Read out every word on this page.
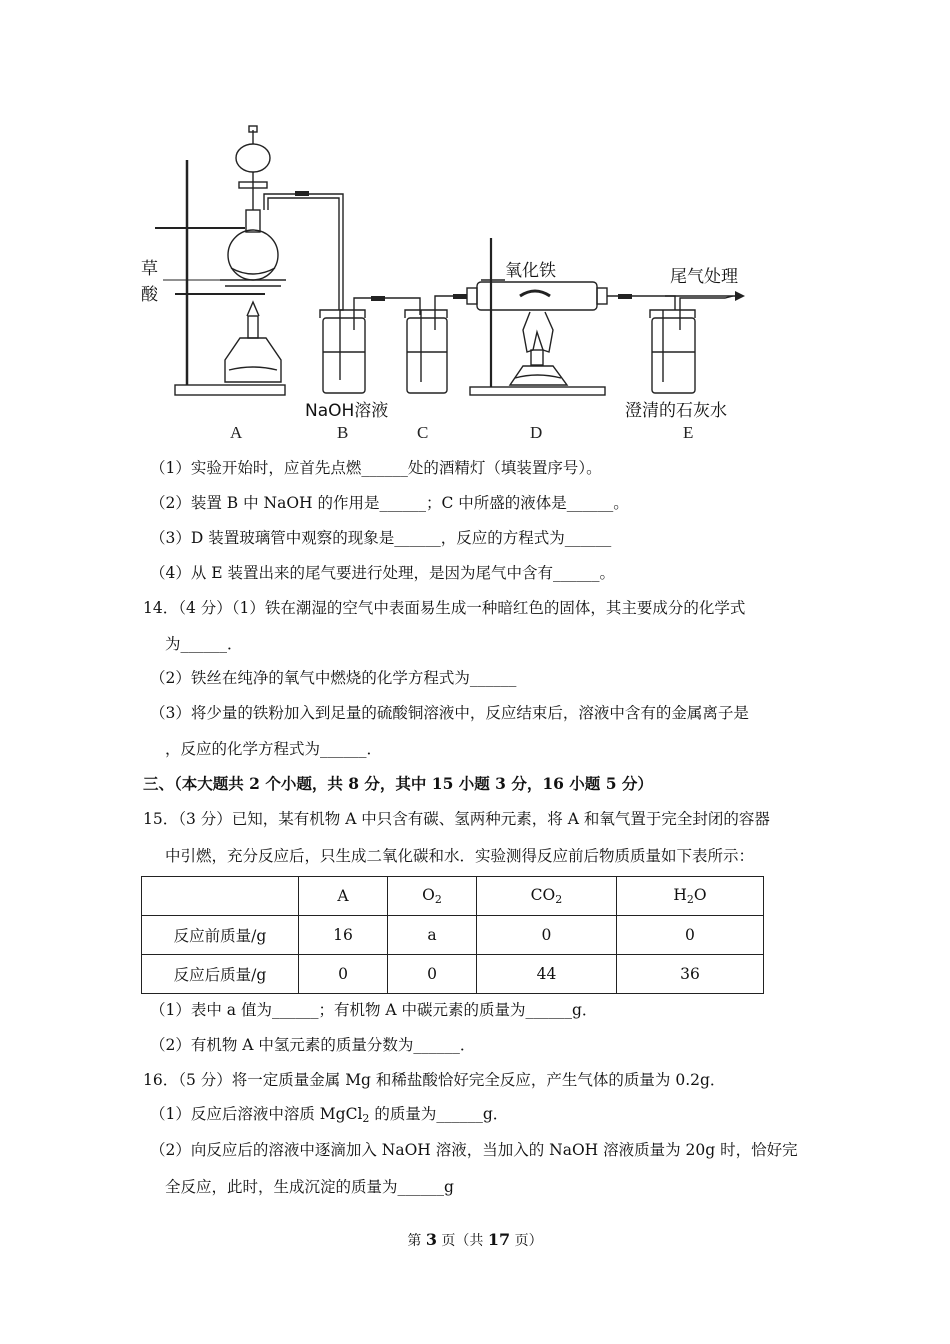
草
酸
氧化铁	尾气处理
NaOH溶液	澄清的石灰水
A	B	C	D	E
（1）实验开始时，应首先点燃______处的酒精灯（填装置序号）。
（2）装置 B 中 NaOH 的作用是______；C 中所盛的液体是______。
（3）D 装置玻璃管中观察的现象是______，反应的方程式为______
（4）从 E 装置出来的尾气要进行处理，是因为尾气中含有______。
14．（4 分）（1）铁在潮湿的空气中表面易生成一种暗红色的固体，其主要成分的化学式
为______．
（2）铁丝在纯净的氧气中燃烧的化学方程式为______
（3）将少量的铁粉加入到足量的硫酸铜溶液中，反应结束后，溶液中含有的金属离子是
，反应的化学方程式为______．
三、（本大题共 2 个小题，共 8 分，其中 15 小题 3 分，16 小题 5 分）
15．（3 分）已知，某有机物 A 中只含有碳、氢两种元素，将 A 和氧气置于完全封闭的容器
中引燃，充分反应后，只生成二氧化碳和水．实验测得反应前后物质质量如下表所示：
	A	$O_2$	$CO_2$	$H_2O$
反应前质量/g	16	a	0	0
反应后质量/g	0	0	44	36
（1）表中 a 值为______；有机物 A 中碳元素的质量为______g．
（2）有机物 A 中氢元素的质量分数为______．
16．（5 分）将一定质量金属 Mg 和稀盐酸恰好完全反应，产生气体的质量为 0.2g．
（1）反应后溶液中溶质 MgCl$_2$ 的质量为______g．
（2）向反应后的溶液中逐滴加入 NaOH 溶液，当加入的 NaOH 溶液质量为 20g 时，恰好完
全反应，此时，生成沉淀的质量为______g
第 3 页（共 17 页）
